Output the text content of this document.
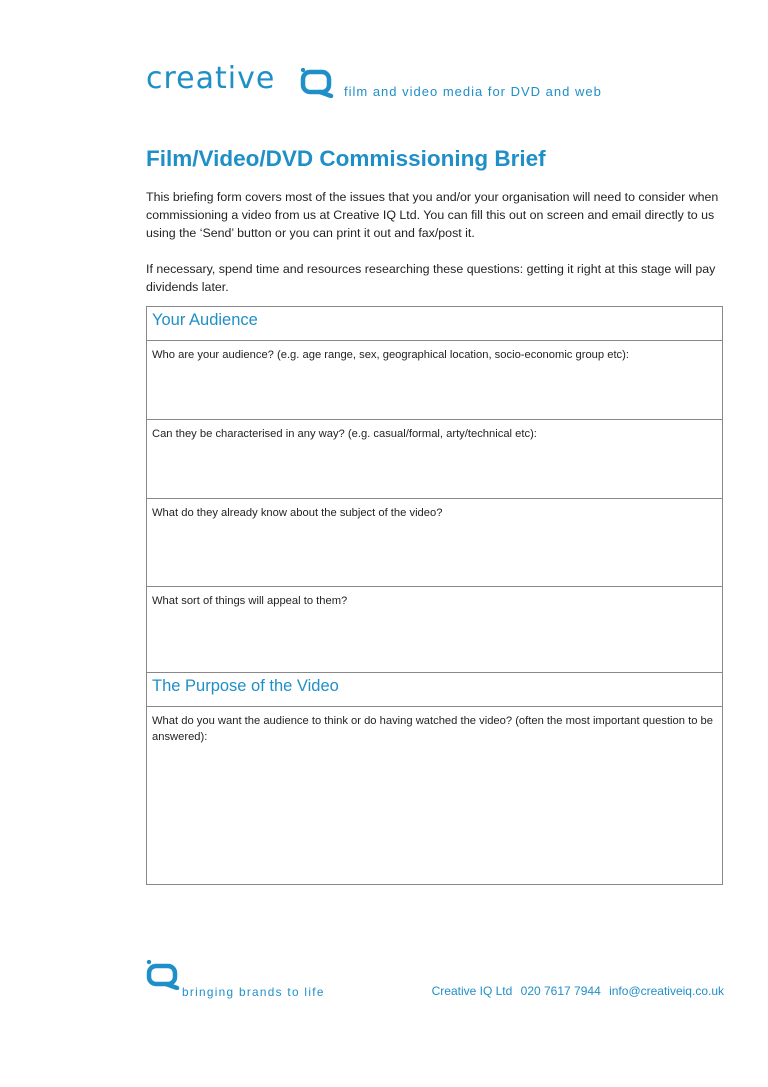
creative	film and video media for DVD and web
Film/Video/DVD Commissioning Brief

This briefing form covers most of the issues that you and/or your organisation will need to consider when commissioning a video from us at Creative IQ Ltd. You can fill this out on screen and email directly to us using the ‘Send’ button or you can print it out and fax/post it.

If necessary, spend time and resources researching these questions: getting it right at this stage will pay dividends later.

Your Audience
Who are your audience? (e.g. age range, sex, geographical location, socio-economic group etc):
Can they be characterised in any way? (e.g. casual/formal, arty/technical etc):
What do they already know about the subject of the video?
What sort of things will appeal to them?
The Purpose of the Video
What do you want the audience to think or do having watched the video? (often the most important question to be answered):
bringing brands to life	Creative IQ Ltd 020 7617 7944 info@creativeiq.co.uk
